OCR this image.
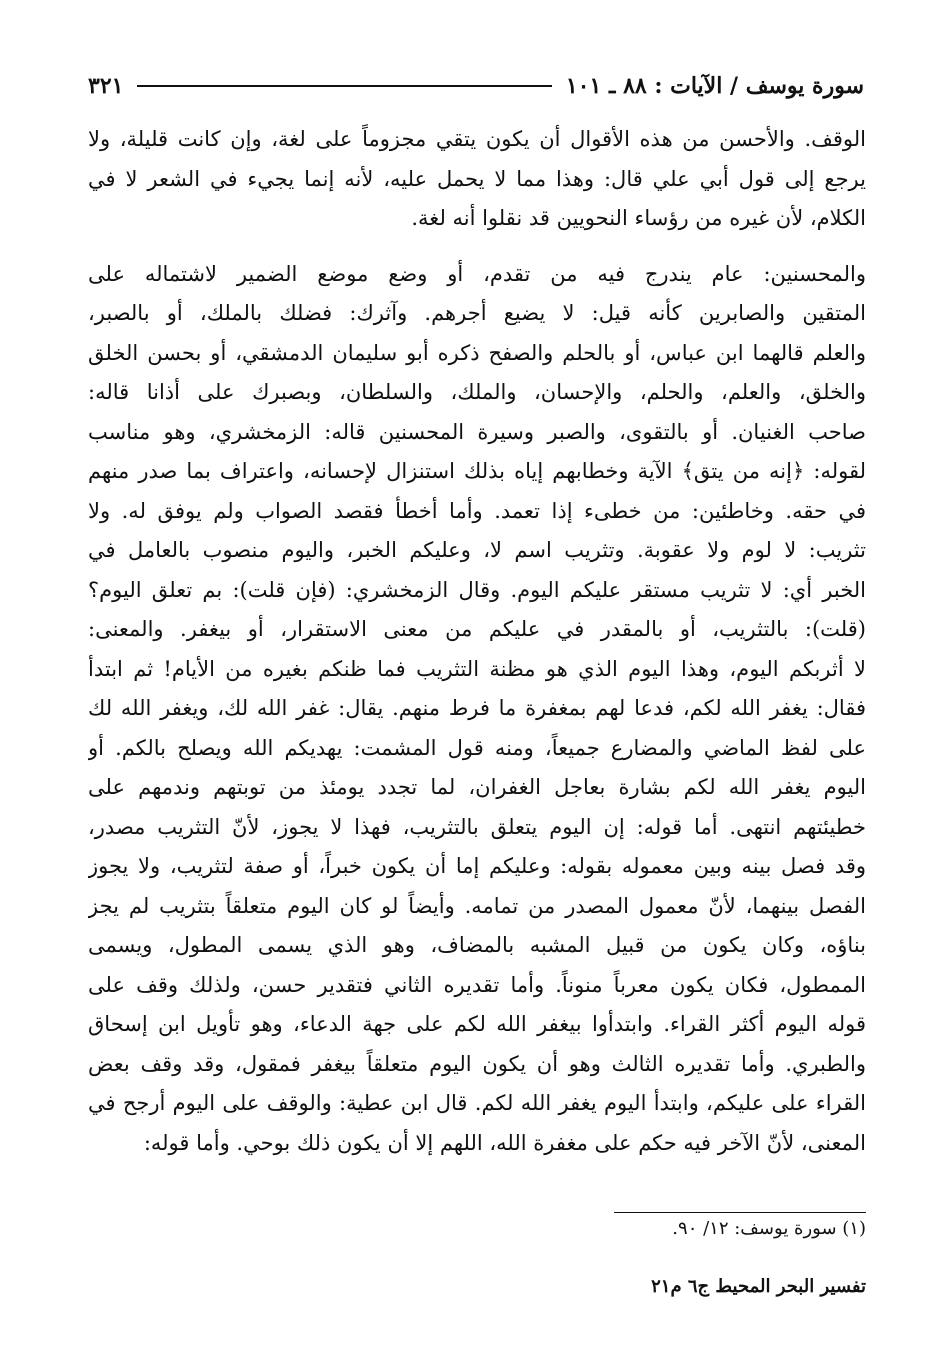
سورة يوسف / الآيات : ٨٨ ـ ١٠١
٣٢١
الوقف. والأحسن من هذه الأقوال أن يكون يتقي مجزوماً على لغة، وإن كانت قليلة، ولا
يرجع إلى قول أبي علي قال: وهذا مما لا يحمل عليه، لأنه إنما يجيء في الشعر لا في
الكلام، لأن غيره من رؤساء النحويين قد نقلوا أنه لغة.
والمحسنين: عام يندرج فيه من تقدم، أو وضع موضع الضمير لاشتماله على
المتقين والصابرين كأنه قيل: لا يضيع أجرهم. وآثرك: فضلك بالملك، أو بالصبر،
والعلم قالهما ابن عباس، أو بالحلم والصفح ذكره أبو سليمان الدمشقي، أو بحسن الخلق
والخلق، والعلم، والحلم، والإحسان، والملك، والسلطان، وبصبرك على أذانا قاله:
صاحب الغنيان. أو بالتقوى، والصبر وسيرة المحسنين قاله: الزمخشري، وهو مناسب
لقوله: ﴿إنه من يتق﴾ الآية وخطابهم إياه بذلك استنزال لإحسانه، واعتراف بما صدر منهم
في حقه. وخاطئين: من خطىء إذا تعمد. وأما أخطأ فقصد الصواب ولم يوفق له. ولا
تثريب: لا لوم ولا عقوبة. وتثريب اسم لا، وعليكم الخبر، واليوم منصوب بالعامل في
الخبر أي: لا تثريب مستقر عليكم اليوم. وقال الزمخشري: (فإن قلت): بم تعلق اليوم؟
(قلت): بالتثريب، أو بالمقدر في عليكم من معنى الاستقرار، أو بيغفر. والمعنى:
لا أثربكم اليوم، وهذا اليوم الذي هو مظنة التثريب فما ظنكم بغيره من الأيام! ثم ابتدأ
فقال: يغفر الله لكم، فدعا لهم بمغفرة ما فرط منهم. يقال: غفر الله لك، ويغفر الله لك
على لفظ الماضي والمضارع جميعاً، ومنه قول المشمت: يهديكم الله ويصلح بالكم. أو
اليوم يغفر الله لكم بشارة بعاجل الغفران، لما تجدد يومئذ من توبتهم وندمهم على
خطيئتهم انتهى. أما قوله: إن اليوم يتعلق بالتثريب، فهذا لا يجوز، لأنّ التثريب مصدر،
وقد فصل بينه وبين معموله بقوله: وعليكم إما أن يكون خبراً، أو صفة لتثريب، ولا يجوز
الفصل بينهما، لأنّ معمول المصدر من تمامه. وأيضاً لو كان اليوم متعلقاً بتثريب لم يجز
بناؤه، وكان يكون من قبيل المشبه بالمضاف، وهو الذي يسمى المطول، ويسمى
الممطول، فكان يكون معرباً منوناً. وأما تقديره الثاني فتقدير حسن، ولذلك وقف على
قوله اليوم أكثر القراء. وابتدأوا بيغفر الله لكم على جهة الدعاء، وهو تأويل ابن إسحاق
والطبري. وأما تقديره الثالث وهو أن يكون اليوم متعلقاً بيغفر فمقول، وقد وقف بعض
القراء على عليكم، وابتدأ اليوم يغفر الله لكم. قال ابن عطية: والوقف على اليوم أرجح في
المعنى، لأنّ الآخر فيه حكم على مغفرة الله، اللهم إلا أن يكون ذلك بوحي. وأما قوله:
(١) سورة يوسف: ١٢/ ٩٠.
تفسير البحر المحيط ج٦ م٢١
